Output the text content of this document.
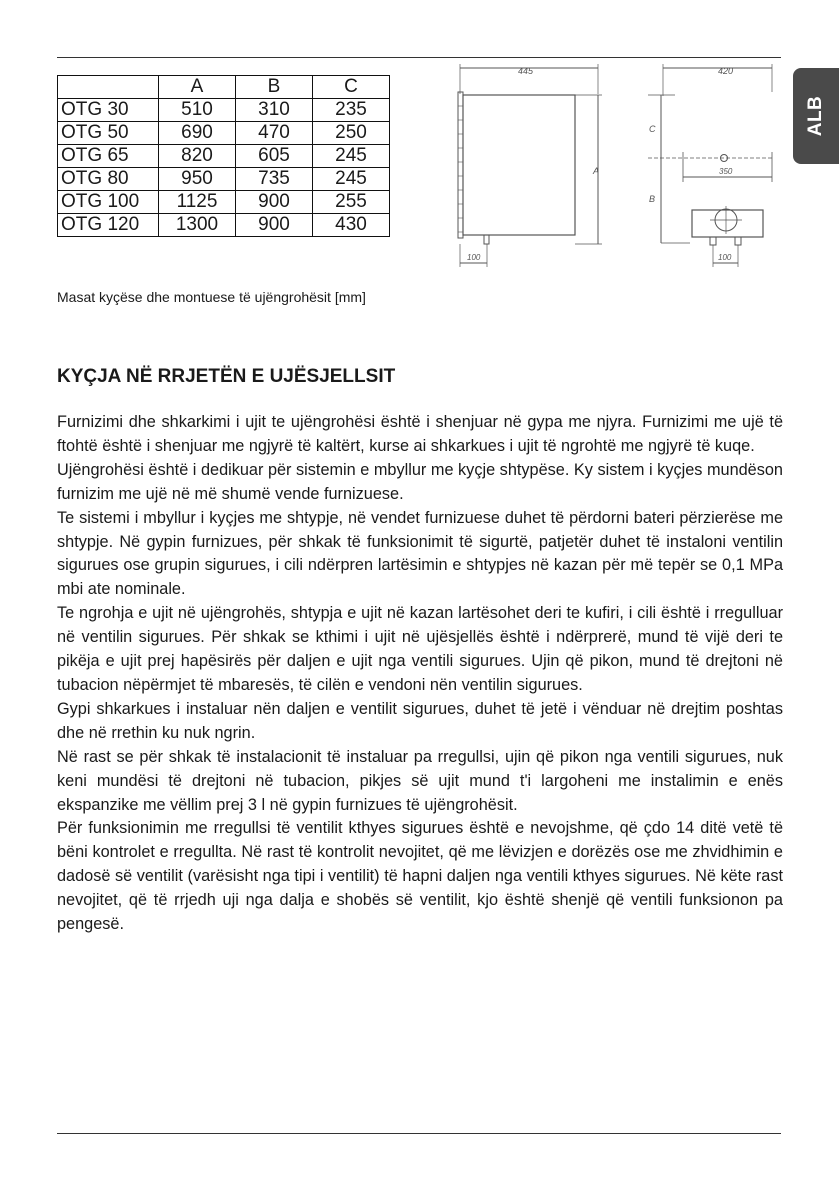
ALB
	A	B	C
OTG 30	510	310	235
OTG 50	690	470	250
OTG 65	820	605	245
OTG 80	950	735	245
OTG 100	1125	900	255
OTG 120	1300	900	430
445
100
A
420
C
B
350
100
Masat kyçëse dhe montuese të ujëngrohësit [mm]
KYÇJA NË RRJETËN E UJËSJELLSIT

Furnizimi dhe shkarkimi i ujit te ujëngrohësi është i shenjuar në gypa me njyra. Furnizimi me ujë të ftohtë është i shenjuar me ngjyrë të kaltërt, kurse ai shkarkues i ujit të ngrohtë me ngjyrë të kuqe.

Ujëngrohësi është i dedikuar për sistemin e mbyllur me kyçje shtypëse. Ky sistem i kyçjes mundëson furnizim me ujë në më shumë vende furnizuese.

Te sistemi i mbyllur i kyçjes me shtypje, në vendet furnizuese duhet të përdorni bateri përzierëse me shtypje. Në gypin furnizues, për shkak të funksionimit të sigurtë, patjetër duhet të instaloni ventilin sigurues ose grupin sigurues, i cili ndërpren lartësimin e shtypjes në kazan për më tepër se 0,1 MPa mbi ate nominale.

Te ngrohja e ujit në ujëngrohës, shtypja e ujit në kazan lartësohet deri te kufiri, i cili është i rregulluar në ventilin sigurues. Për shkak se kthimi i ujit në ujësjellës është i ndërprerë, mund të vijë deri te pikëja e ujit prej hapësirës për daljen e ujit nga ventili sigurues. Ujin që pikon, mund të drejtoni në tubacion nëpërmjet të mbaresës, të cilën e vendoni nën ventilin sigurues.

Gypi shkarkues i instaluar nën daljen e ventilit sigurues, duhet të jetë i vënduar në drejtim poshtas dhe në rrethin ku nuk ngrin.

Në rast se për shkak të instalacionit të instaluar pa rregullsi, ujin që pikon nga ventili sigurues, nuk keni mundësi të drejtoni në tubacion, pikjes së ujit mund t'i largoheni me instalimin e enës ekspanzike me vëllim prej 3 l në gypin furnizues të ujëngrohësit.

Për funksionimin me rregullsi të ventilit kthyes sigurues është e nevojshme, që çdo 14 ditë vetë të bëni kontrolet e rregullta. Në rast të kontrolit nevojitet, që me lëvizjen e dorëzës ose me zhvidhimin e dadosë së ventilit (varësisht nga tipi i ventilit) të hapni daljen nga ventili kthyes sigurues. Në këte rast nevojitet, që të rrjedh uji nga dalja e shobës së ventilit, kjo është shenjë që ventili funksionon pa pengesë.
